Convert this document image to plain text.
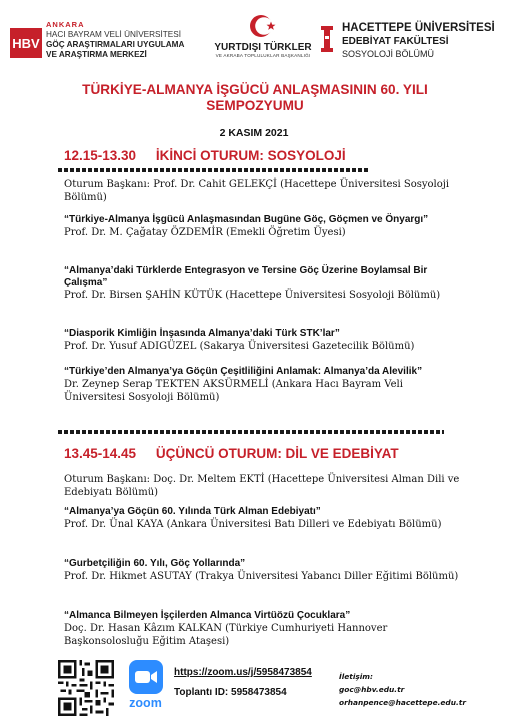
HBV
ANKARA
HACI BAYRAM VELİ ÜNİVERSİTESİ
GÖÇ ARAŞTIRMALARI UYGULAMA
VE ARAŞTIRMA MERKEZİ
YURTDIŞI TÜRKLER
VE AKRABA TOPLULUKLAR BAŞKANLIĞI
HACETTEPE ÜNİVERSİTESİ
EDEBİYAT FAKÜLTESİ
SOSYOLOJİ BÖLÜMÜ
TÜRKİYE-ALMANYA İŞGÜCÜ ANLAŞMASININ 60. YILI SEMPOZYUMU
2 KASIM 2021
12.15-13.30 İKİNCİ OTURUM: SOSYOLOJİ
Oturum Başkanı: Prof. Dr. Cahit GELEKÇİ (Hacettepe Üniversitesi Sosyoloji Bölümü)
“Türkiye-Almanya İşgücü Anlaşmasından Bugüne Göç, Göçmen ve Önyargı”
Prof. Dr. M. Çağatay ÖZDEMİR (Emekli Öğretim Üyesi)
“Almanya’daki Türklerde Entegrasyon ve Tersine Göç Üzerine Boylamsal Bir Çalışma”
Prof. Dr. Birsen ŞAHİN KÜTÜK (Hacettepe Üniversitesi Sosyoloji Bölümü)
“Diasporik Kimliğin İnşasında Almanya’daki Türk STK’lar”
Prof. Dr. Yusuf ADIGÜZEL (Sakarya Üniversitesi Gazetecilik Bölümü)
“Türkiye’den Almanya’ya Göçün Çeşitliliğini Anlamak: Almanya’da Alevilik”
Dr. Zeynep Serap TEKTEN AKSÜRMELİ (Ankara Hacı Bayram Veli Üniversitesi Sosyoloji Bölümü)
13.45-14.45 ÜÇÜNCÜ OTURUM: DİL VE EDEBİYAT
Oturum Başkanı: Doç. Dr. Meltem EKTİ (Hacettepe Üniversitesi Alman Dili ve Edebiyatı Bölümü)
“Almanya’ya Göçün 60. Yılında Türk Alman Edebiyatı”
Prof. Dr. Ünal KAYA (Ankara Üniversitesi Batı Dilleri ve Edebiyatı Bölümü)
“Gurbetçiliğin 60. Yılı, Göç Yollarında”
Prof. Dr. Hikmet ASUTAY (Trakya Üniversitesi Yabancı Diller Eğitimi Bölümü)
“Almanca Bilmeyen İşçilerden Almanca Virtüözü Çocuklara”
Doç. Dr. Hasan Kâzım KALKAN (Türkiye Cumhuriyeti Hannover Başkonsolosluğu Eğitim Ataşesi)
zoom
https://zoom.us/j/5958473854
Toplantı ID: 5958473854
İletişim:
goc@hbv.edu.tr
orhanpence@hacettepe.edu.tr
